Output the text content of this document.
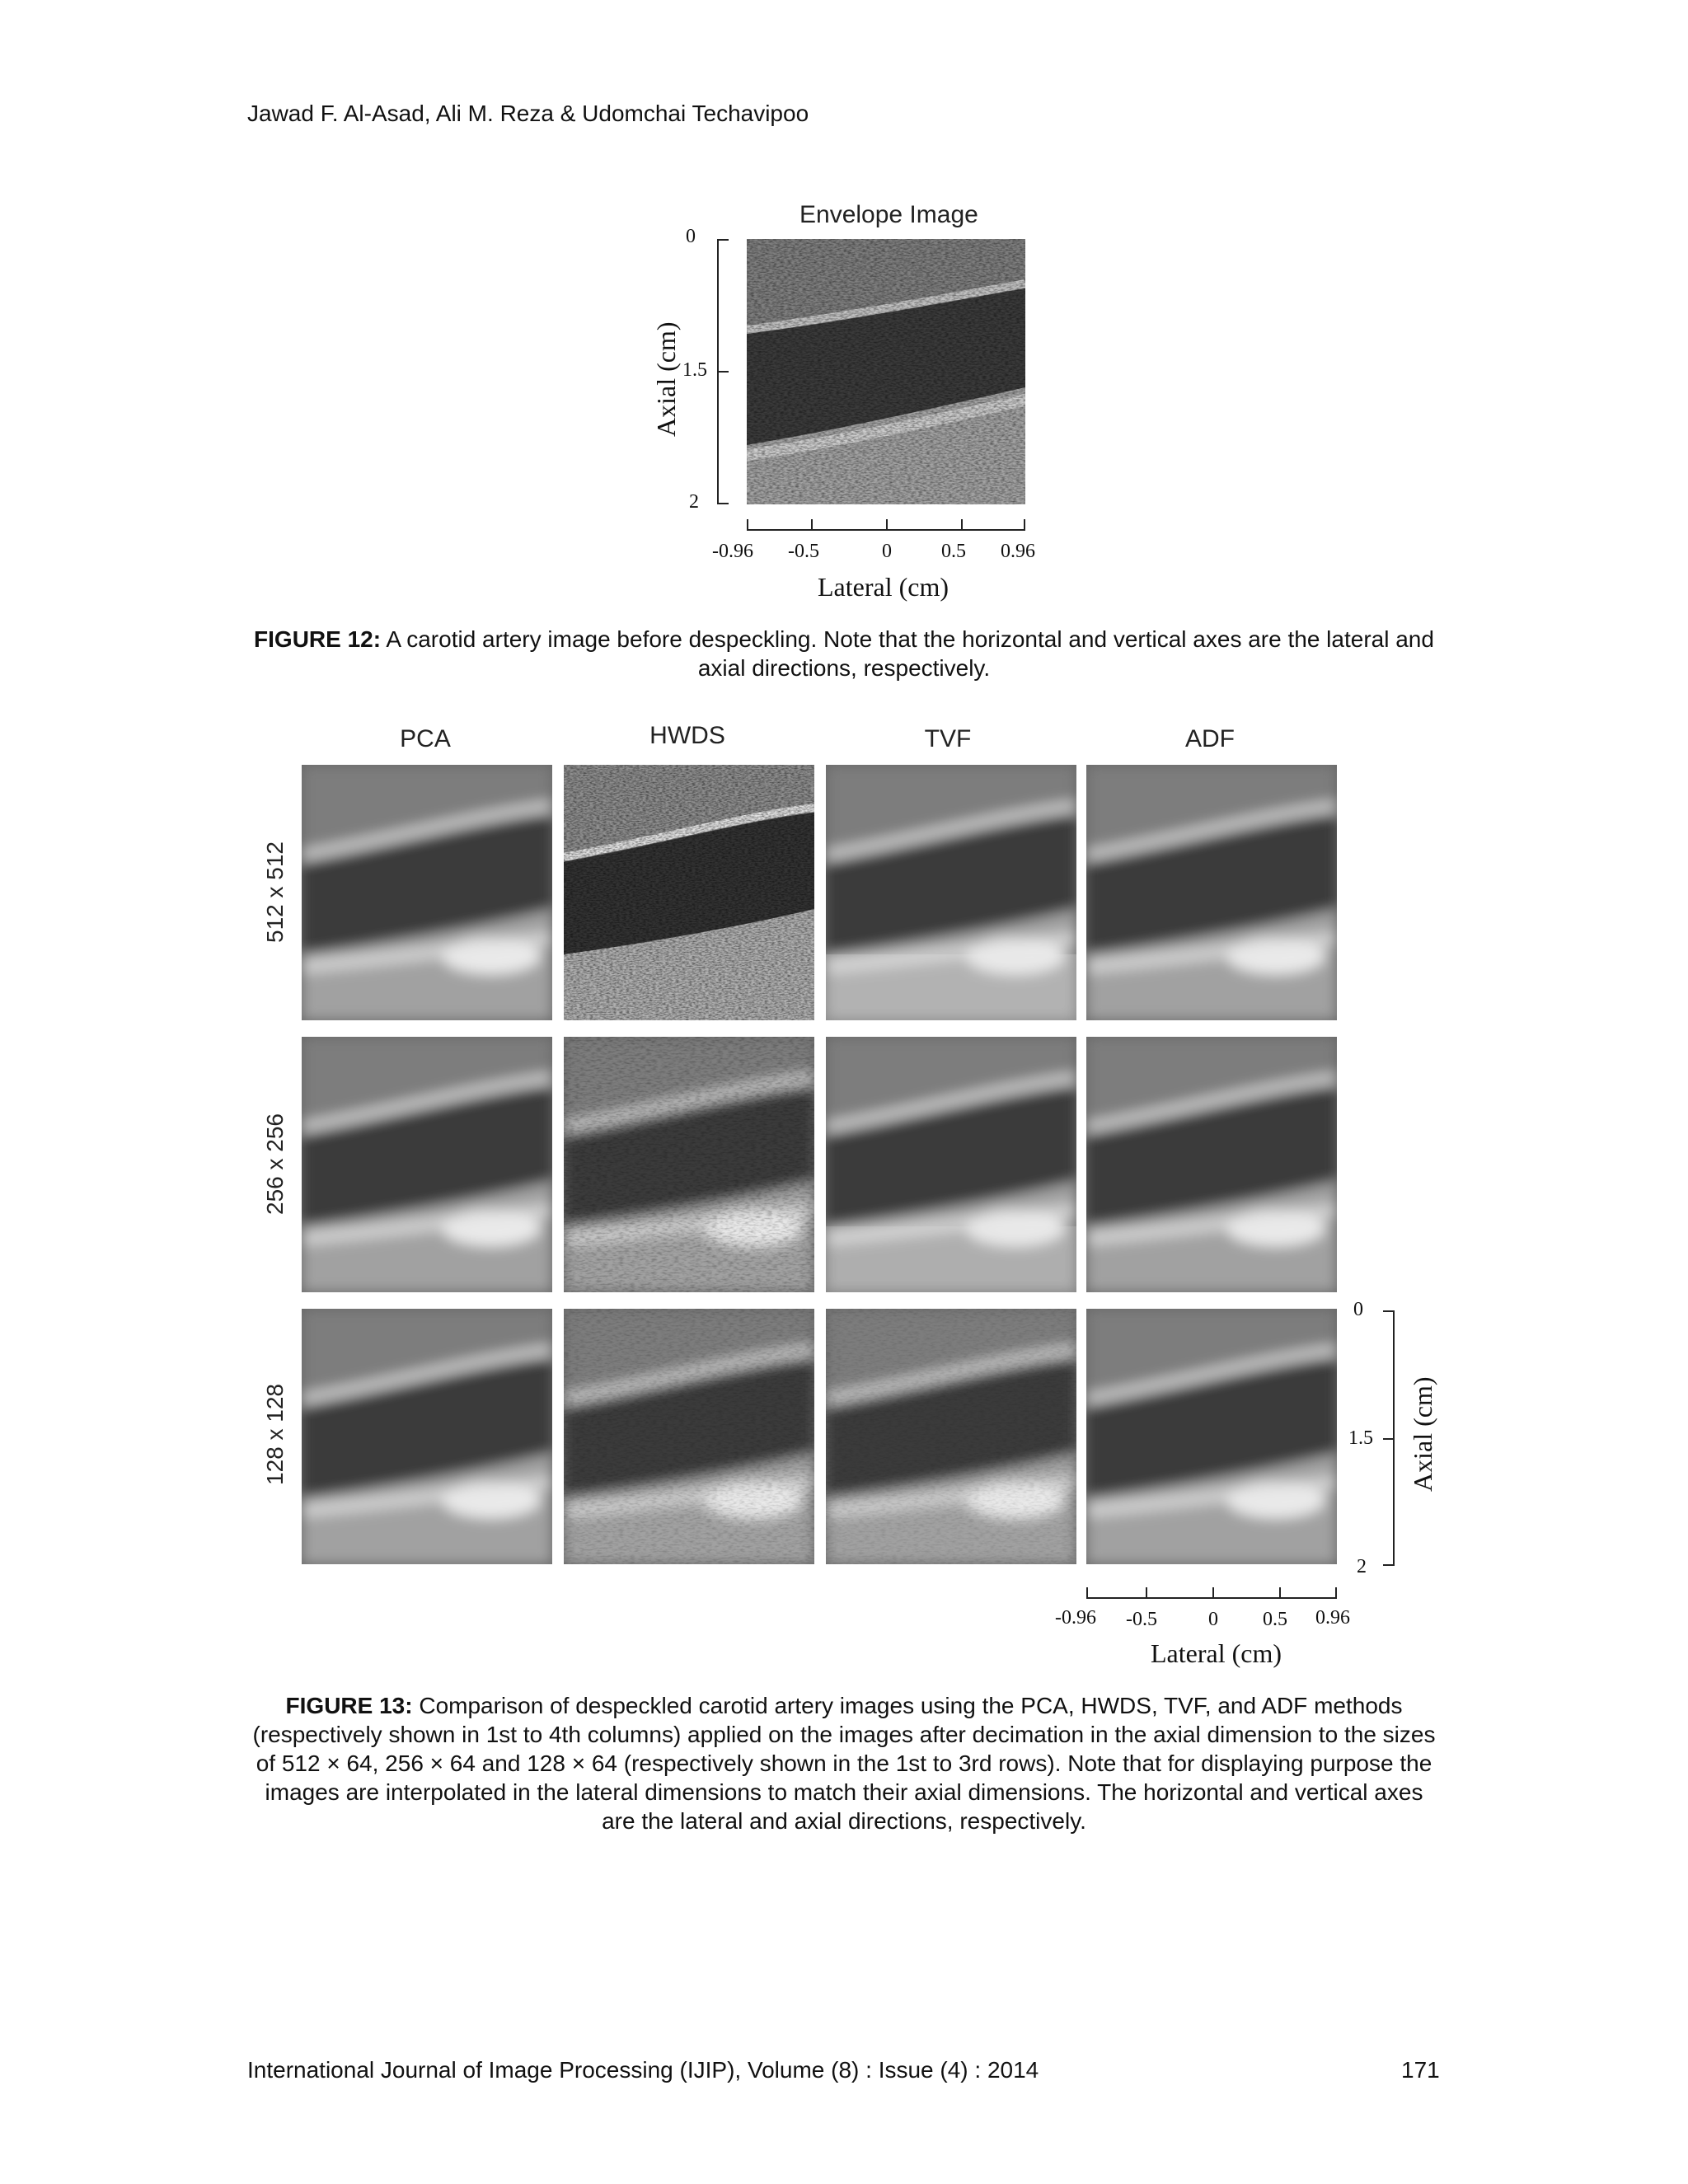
Jawad F. Al-Asad, Ali M. Reza & Udomchai Techavipoo
Envelope Image
0
1.5
2
Axial (cm)
-0.96 -0.5	0	0.5 0.96
Lateral (cm)
FIGURE 12: A carotid artery image before despeckling. Note that the horizontal and vertical axes are the lateral and axial directions, respectively.
PCA	HWDS	TVF	ADF
512 x 512
256 x 256
128 x 128
0
1.5
2
Axial (cm)
-0.96 -0.5	0 0.5 0.96
Lateral (cm)
FIGURE 13: Comparison of despeckled carotid artery images using the PCA, HWDS, TVF, and ADF methods (respectively shown in 1st to 4th columns) applied on the images after decimation in the axial dimension to the sizes of 512 × 64, 256 × 64 and 128 × 64 (respectively shown in the 1st to 3rd rows). Note that for displaying purpose the images are interpolated in the lateral dimensions to match their axial dimensions. The horizontal and vertical axes are the lateral and axial directions, respectively.
International Journal of Image Processing (IJIP), Volume (8) : Issue (4) : 2014	171
